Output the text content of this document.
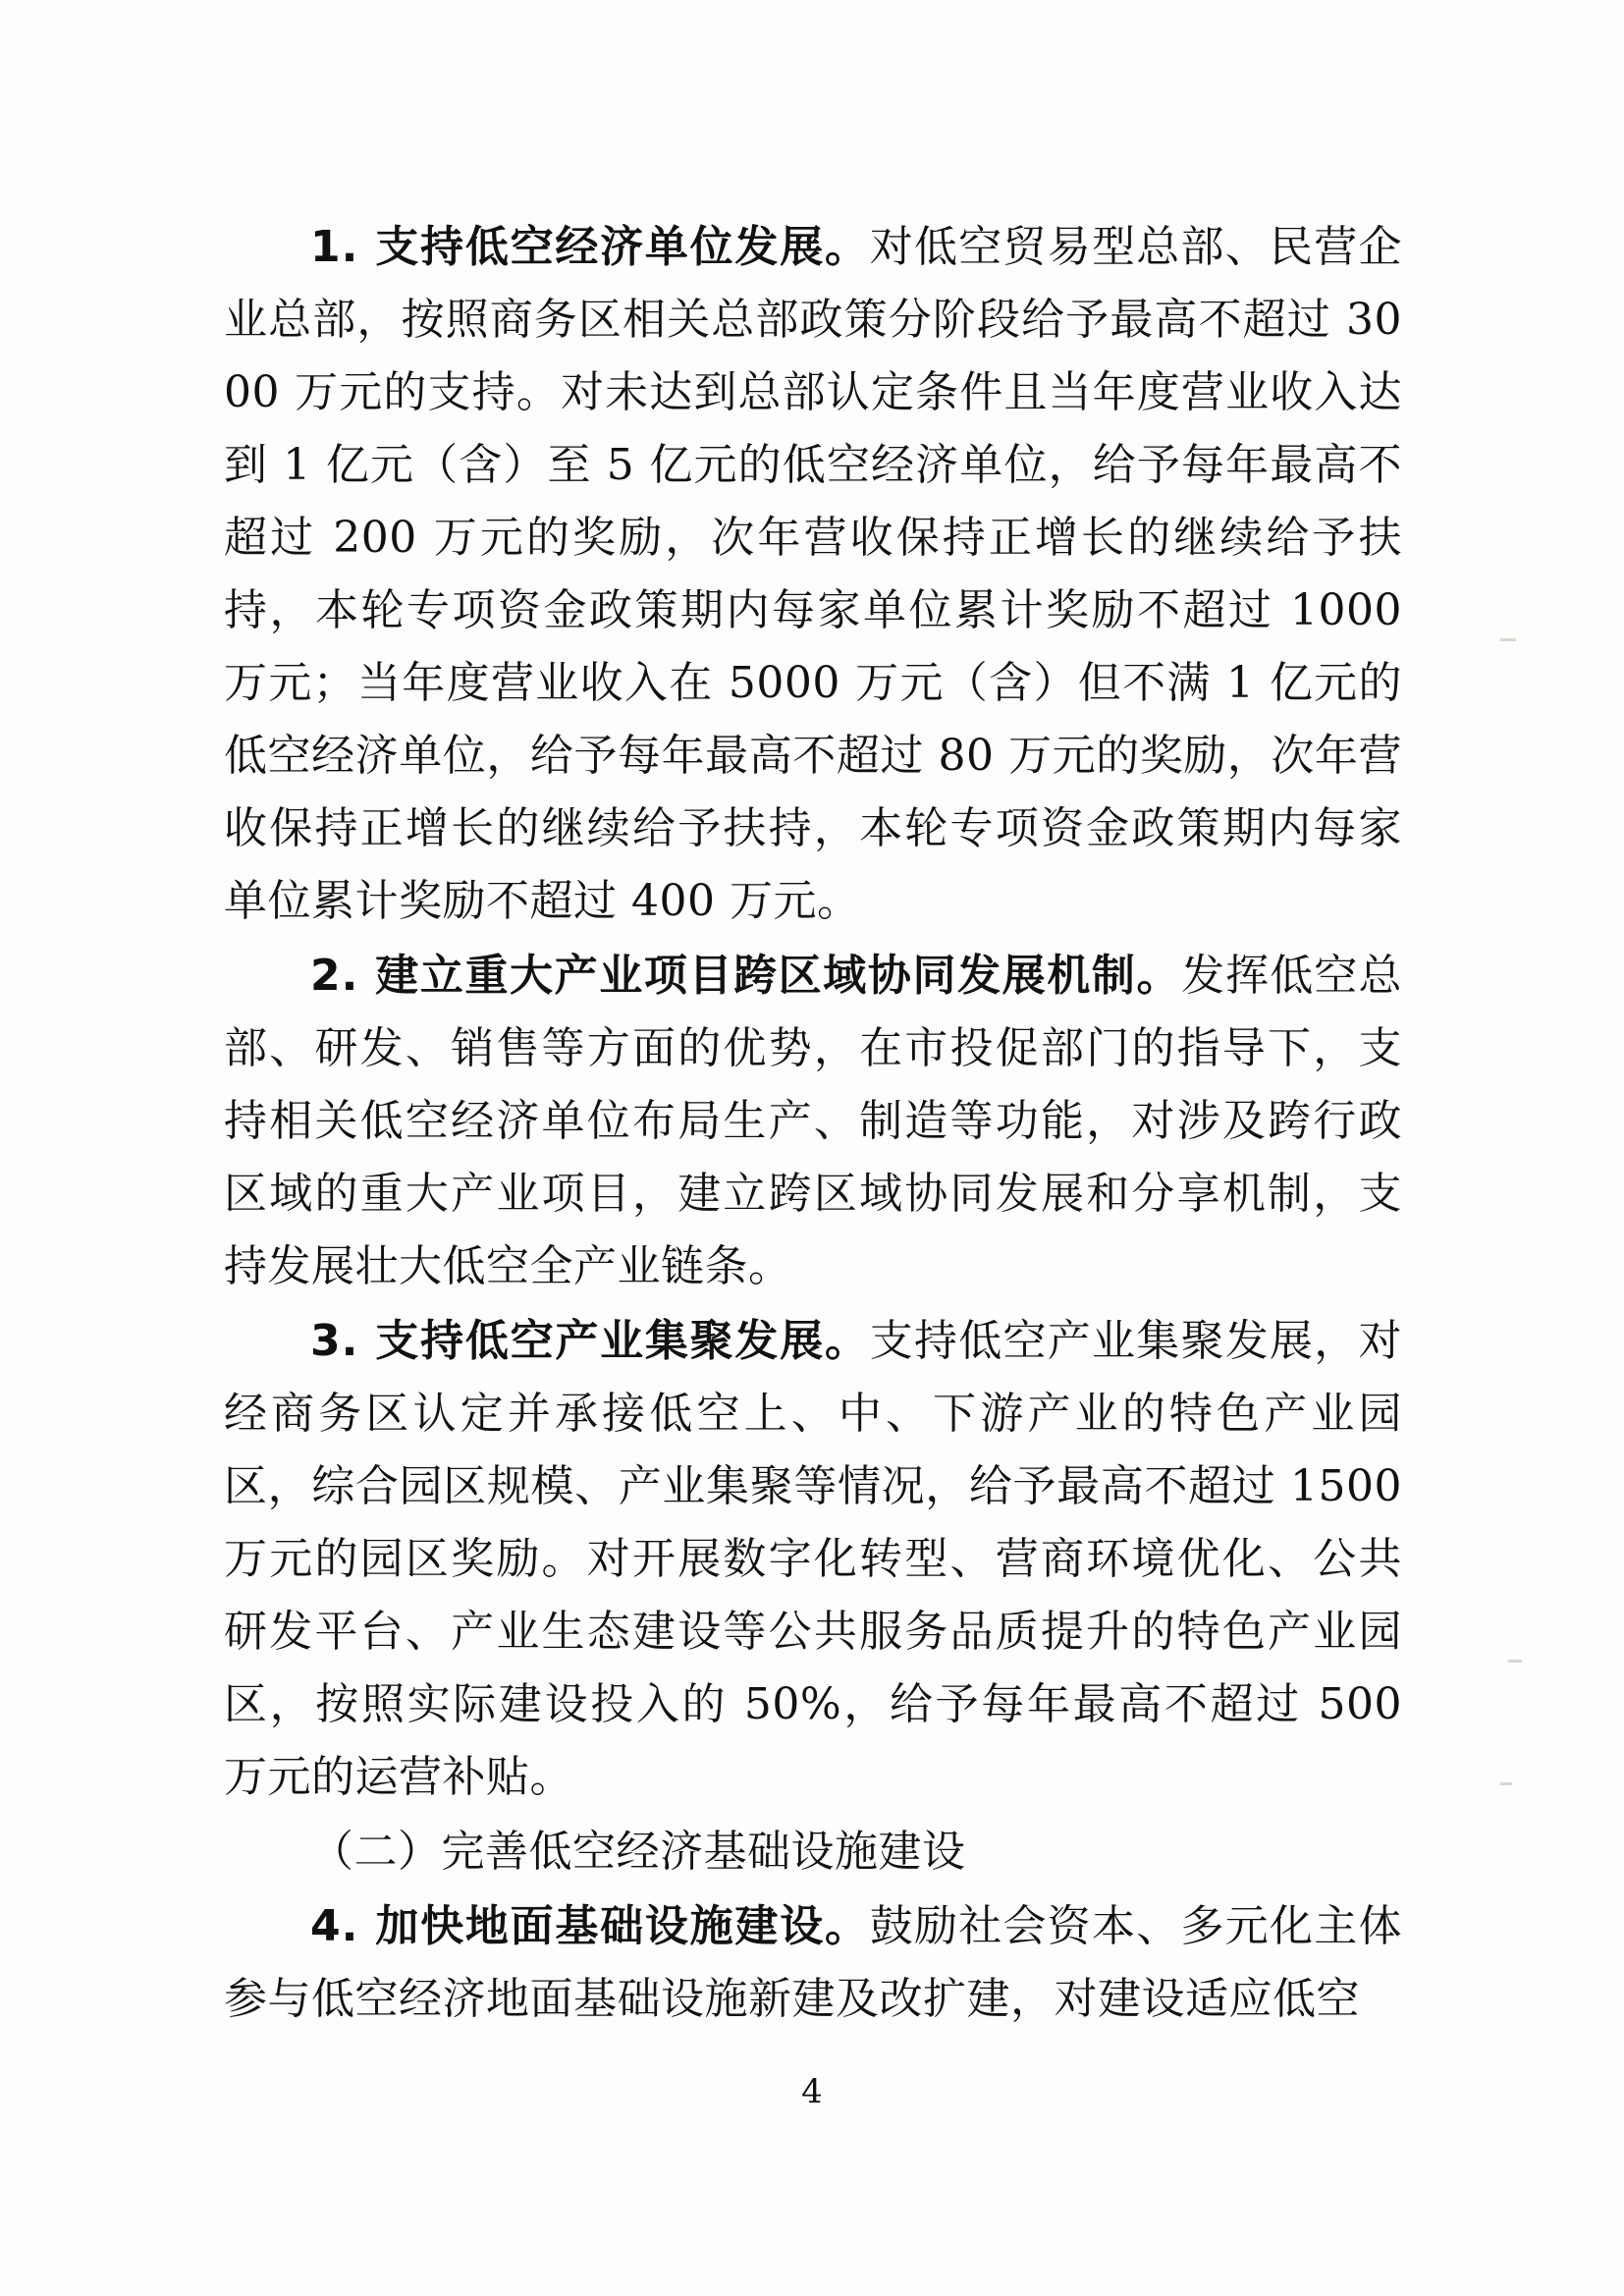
1. 支持低空经济单位发展。对低空贸易型总部、民营企业总部，按照商务区相关总部政策分阶段给予最高不超过 3000 万元的支持。对未达到总部认定条件且当年度营业收入达到 1 亿元（含）至 5 亿元的低空经济单位，给予每年最高不超过 200 万元的奖励，次年营收保持正增长的继续给予扶持，本轮专项资金政策期内每家单位累计奖励不超过 1000 万元；当年度营业收入在 5000 万元（含）但不满 1 亿元的低空经济单位，给予每年最高不超过 80 万元的奖励，次年营收保持正增长的继续给予扶持，本轮专项资金政策期内每家单位累计奖励不超过 400 万元。

2. 建立重大产业项目跨区域协同发展机制。发挥低空总部、研发、销售等方面的优势，在市投促部门的指导下，支持相关低空经济单位布局生产、制造等功能，对涉及跨行政区域的重大产业项目，建立跨区域协同发展和分享机制，支持发展壮大低空全产业链条。

3. 支持低空产业集聚发展。支持低空产业集聚发展，对经商务区认定并承接低空上、中、下游产业的特色产业园区，综合园区规模、产业集聚等情况，给予最高不超过 1500 万元的园区奖励。对开展数字化转型、营商环境优化、公共研发平台、产业生态建设等公共服务品质提升的特色产业园区，按照实际建设投入的 50%，给予每年最高不超过 500 万元的运营补贴。

（二）完善低空经济基础设施建设

4. 加快地面基础设施建设。鼓励社会资本、多元化主体参与低空经济地面基础设施新建及改扩建，对建设适应低空

4
